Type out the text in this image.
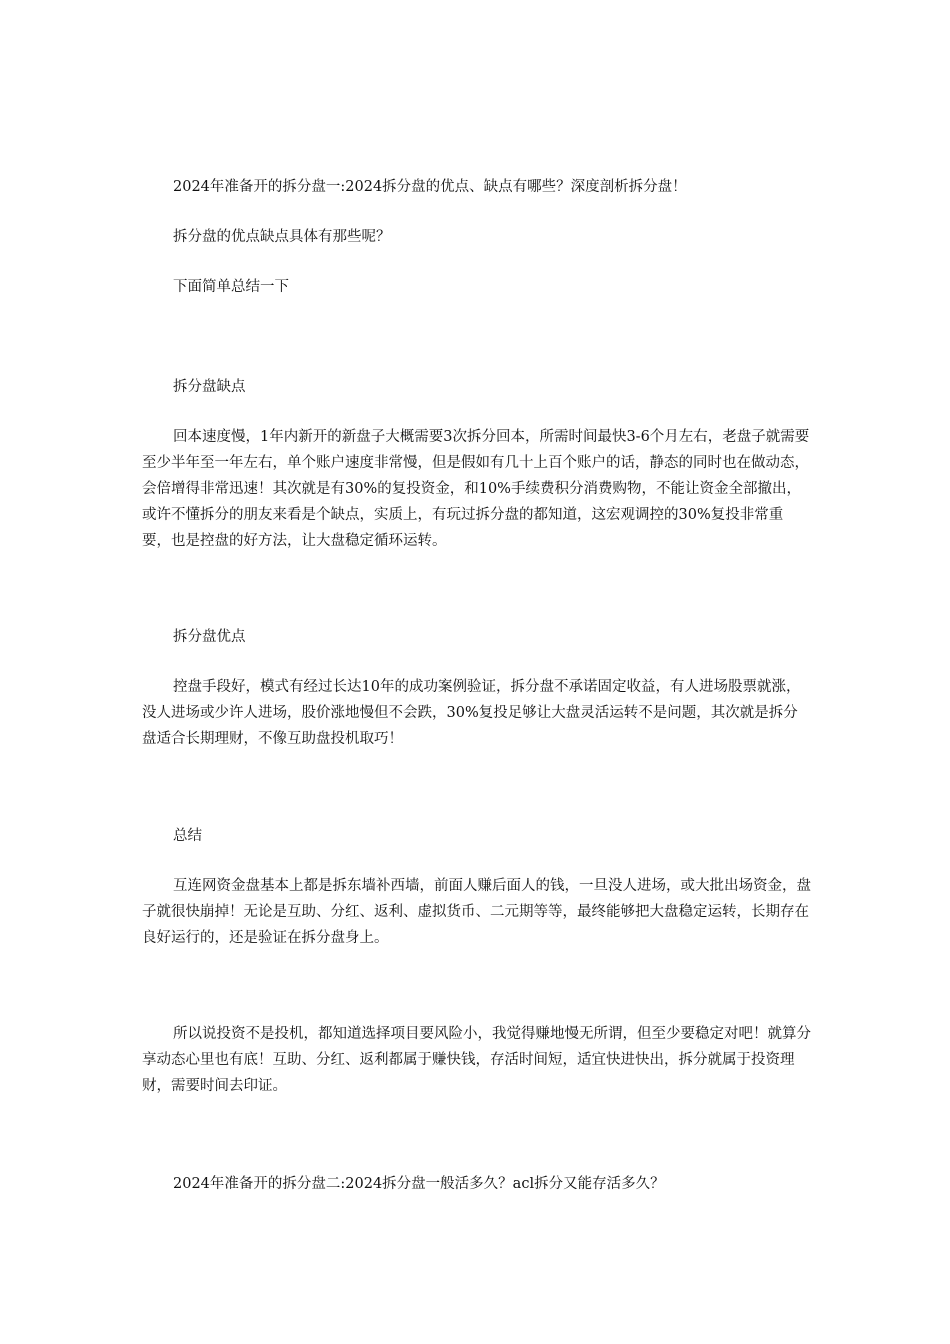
2024年准备开的拆分盘一:2024拆分盘的优点、缺点有哪些？深度剖析拆分盘！

拆分盘的优点缺点具体有那些呢？

下面简单总结一下

拆分盘缺点

回本速度慢，1年内新开的新盘子大概需要3次拆分回本，所需时间最快3-6个月左右，老盘子就需要至少半年至一年左右，单个账户速度非常慢，但是假如有几十上百个账户的话，静态的同时也在做动态，会倍增得非常迅速！其次就是有30%的复投资金，和10%手续费积分消费购物，不能让资金全部撤出，或许不懂拆分的朋友来看是个缺点，实质上，有玩过拆分盘的都知道，这宏观调控的30%复投非常重要，也是控盘的好方法，让大盘稳定循环运转。

拆分盘优点

控盘手段好，模式有经过长达10年的成功案例验证，拆分盘不承诺固定收益，有人进场股票就涨，没人进场或少许人进场，股价涨地慢但不会跌，30%复投足够让大盘灵活运转不是问题，其次就是拆分盘适合长期理财，不像互助盘投机取巧！

总结

互连网资金盘基本上都是拆东墙补西墙，前面人赚后面人的钱，一旦没人进场，或大批出场资金，盘子就很快崩掉！无论是互助、分红、返利、虚拟货币、二元期等等，最终能够把大盘稳定运转，长期存在良好运行的，还是验证在拆分盘身上。

所以说投资不是投机，都知道选择项目要风险小，我觉得赚地慢无所谓，但至少要稳定对吧！就算分享动态心里也有底！互助、分红、返利都属于赚快钱，存活时间短，适宜快进快出，拆分就属于投资理财，需要时间去印证。

2024年准备开的拆分盘二:2024拆分盘一般活多久？acl拆分又能存活多久？
